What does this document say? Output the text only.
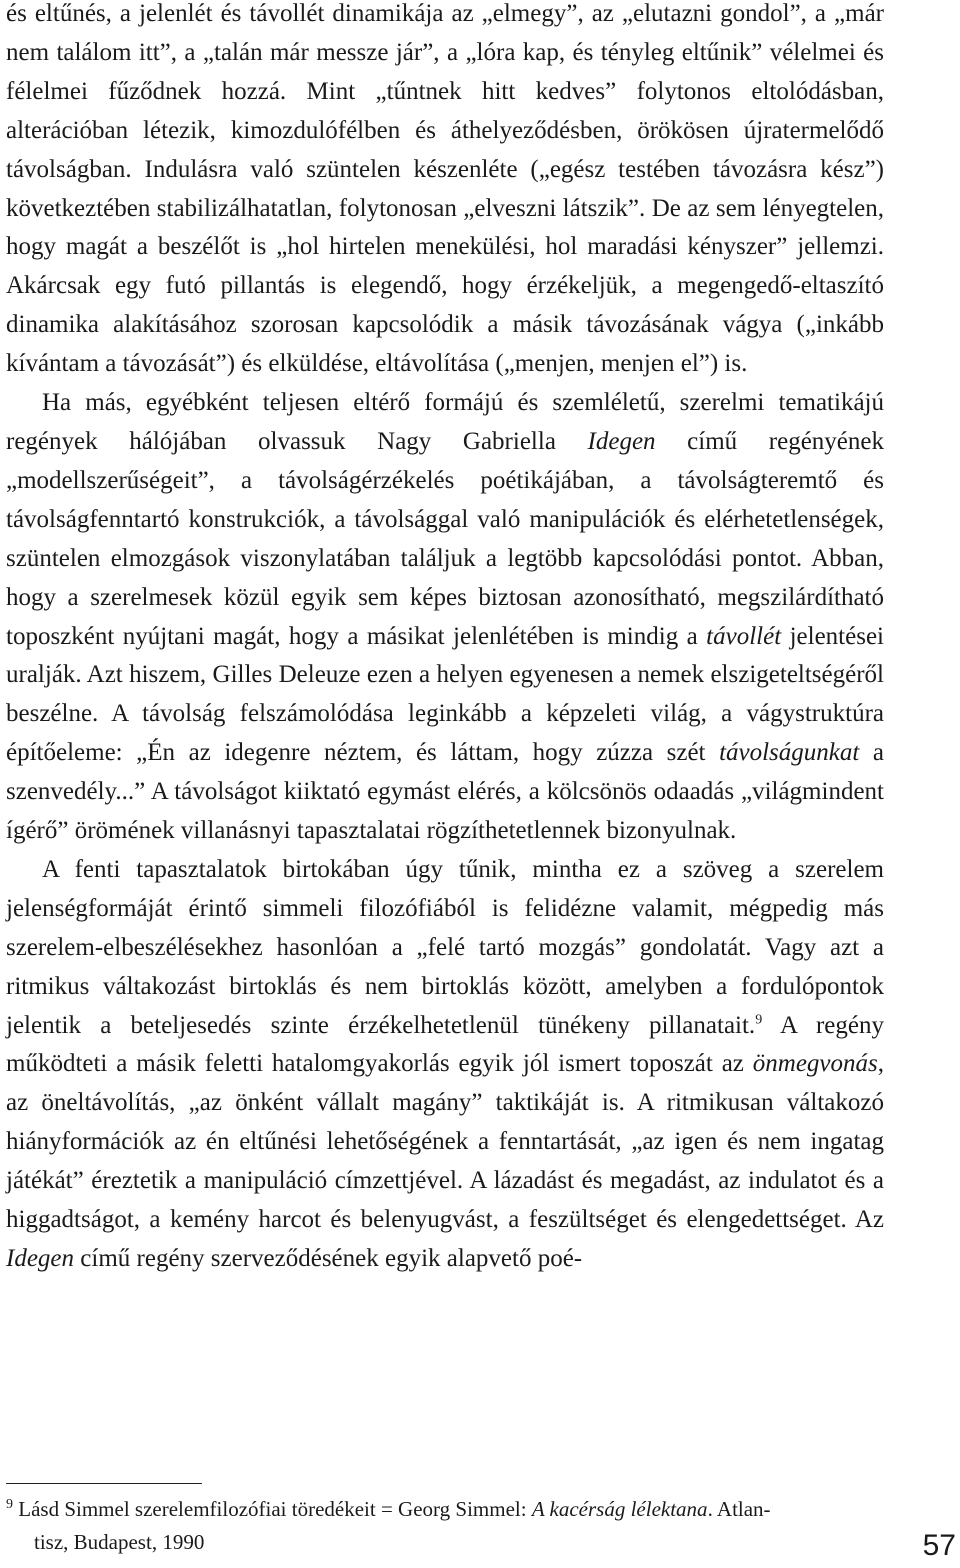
és eltűnés, a jelenlét és távollét dinamikája az „elmegy”, az „elutazni gondol”, a „már nem találom itt”, a „talán már messze jár”, a „lóra kap, és tényleg eltűnik” vélelmei és félelmei fűződnek hozzá. Mint „tűntnek hitt kedves” folytonos eltolódásban, alterációban létezik, kimozdulófélben és áthelyeződésben, örökösen újratermelődő távolságban. Indulásra való szüntelen készenléte („egész testében távozásra kész”) következtében stabilizálhatatlan, folytonosan „elveszni látszik”. De az sem lényegtelen, hogy magát a beszélőt is „hol hirtelen menekülési, hol maradási kényszer” jellemzi. Akárcsak egy futó pillantás is elegendő, hogy érzékeljük, a megengedő-eltaszító dinamika alakításához szorosan kapcsolódik a másik távozásának vágya („inkább kívántam a távozását”) és elküldése, eltávolítása („menjen, menjen el”) is.

Ha más, egyébként teljesen eltérő formájú és szemléletű, szerelmi tematikájú regények hálójában olvassuk Nagy Gabriella Idegen című regényének „modellszerűségeit”, a távolságérzékelés poétikájában, a távolságteremtő és távolságfenntartó konstrukciók, a távolsággal való manipulációk és elérhetetlenségek, szüntelen elmozgások viszonylatában találjuk a legtöbb kapcsolódási pontot. Abban, hogy a szerelmesek közül egyik sem képes biztosan azonosítható, megszilárdítható toposzként nyújtani magát, hogy a másikat jelenlétében is mindig a távollét jelentései uralják. Azt hiszem, Gilles Deleuze ezen a helyen egyenesen a nemek elszigeteltségéről beszélne. A távolság felszámolódása leginkább a képzeleti világ, a vágystruktúra építőeleme: „Én az idegenre néztem, és láttam, hogy zúzza szét távolságunkat a szenvedély...” A távolságot kiiktató egymást elérés, a kölcsönös odaadás „világmindent ígérő” örömének villanásnyi tapasztalatai rögzíthetetlennek bizonyulnak.

A fenti tapasztalatok birtokában úgy tűnik, mintha ez a szöveg a szerelem jelenségformáját érintő simmeli filozófiából is felidézne valamit, mégpedig más szerelem-elbeszélésekhez hasonlóan a „felé tartó mozgás” gondolatát. Vagy azt a ritmikus váltakozást birtoklás és nem birtoklás között, amelyben a fordulópontok jelentik a beteljesedés szinte érzékelhetetlenül tünékeny pillanatait.$^9$ A regény működteti a másik feletti hatalomgyakorlás egyik jól ismert toposzát az önmegvonás, az öneltávolítás, „az önként vállalt magány” taktikáját is. A ritmikusan váltakozó hiányformációk az én eltűnési lehetőségének a fenntartását, „az igen és nem ingatag játékát” éreztetik a manipuláció címzettjével. A lázadást és megadást, az indulatot és a higgadtságot, a kemény harcot és belenyugvást, a feszültséget és elengedettséget. Az Idegen című regény szerveződésének egyik alapvető poé-

$^9$ Lásd Simmel szerelemfilozófiai töredékeit = Georg Simmel: A kacérság lélektana. Atlan-
tisz, Budapest, 1990	57
